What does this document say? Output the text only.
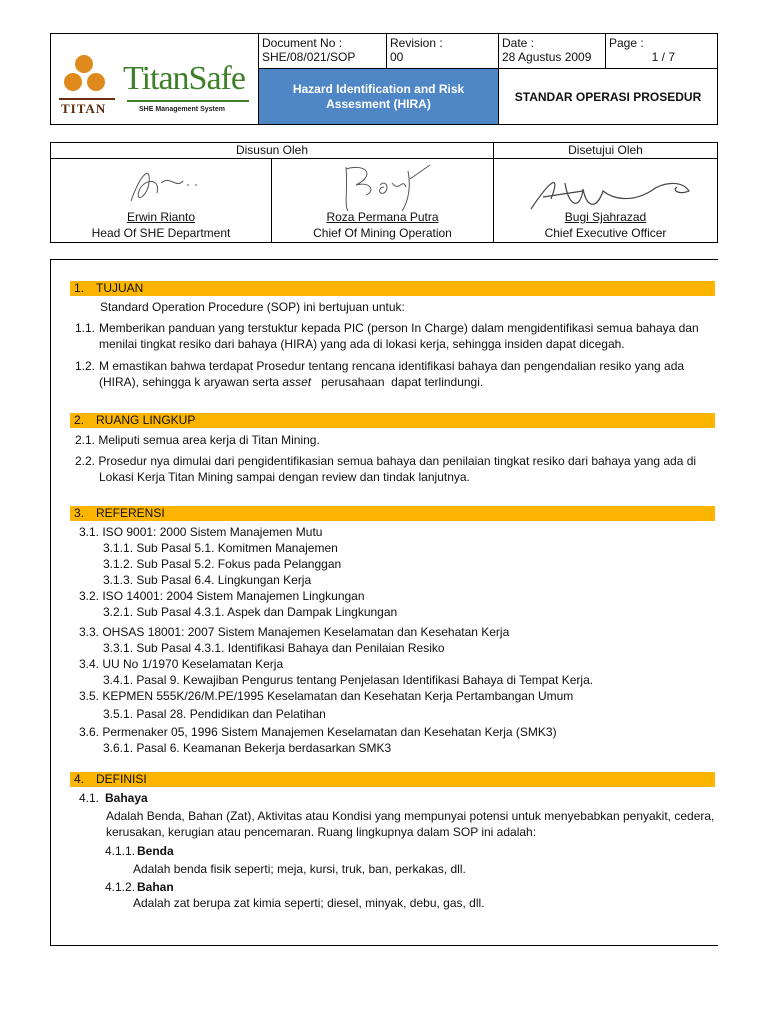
TITAN
TitanSafe
SHE Management System
Document No :
SHE/08/021/SOP
Revision :
00
Date :
28 Agustus 2009
Page :
1 / 7
Hazard Identification and Risk
Assesment (HIRA)	STANDAR OPERASI PROSEDUR
Disusun Oleh	Disetujui Oleh
Erwin Rianto
Head Of SHE Department
Roza Permana Putra
Chief Of Mining Operation
Bugi Sjahrazad
Chief Executive Officer
1. TUJUAN
Standard Operation Procedure (SOP) ini bertujuan untuk:
1.1. Memberikan panduan yang terstuktur kepada PIC (person In Charge) dalam mengidentifikasi semua bahaya dan
menilai tingkat resiko dari bahaya (HIRA) yang ada di lokasi kerja, sehingga insiden dapat dicegah.
1.2. M emastikan bahwa terdapat Prosedur tentang rencana identifikasi bahaya dan pengendalian resiko yang ada
(HIRA), sehingga k aryawan serta asset   perusahaan  dapat terlindungi.
2. RUANG LINGKUP
2.1. Meliputi semua area kerja di Titan Mining.
2.2. Prosedur nya dimulai dari pengidentifikasian semua bahaya dan penilaian tingkat resiko dari bahaya yang ada di
Lokasi Kerja Titan Mining sampai dengan review dan tindak lanjutnya.
3. REFERENSI
3.1. ISO 9001: 2000 Sistem Manajemen Mutu
3.1.1. Sub Pasal 5.1. Komitmen Manajemen
3.1.2. Sub Pasal 5.2. Fokus pada Pelanggan
3.1.3. Sub Pasal 6.4. Lingkungan Kerja
3.2. ISO 14001: 2004 Sistem Manajemen Lingkungan
3.2.1. Sub Pasal 4.3.1. Aspek dan Dampak Lingkungan
3.3. OHSAS 18001: 2007 Sistem Manajemen Keselamatan dan Kesehatan Kerja
3.3.1. Sub Pasal 4.3.1. Identifikasi Bahaya dan Penilaian Resiko
3.4. UU No 1/1970 Keselamatan Kerja
3.4.1. Pasal 9. Kewajiban Pengurus tentang Penjelasan Identifikasi Bahaya di Tempat Kerja.
3.5. KEPMEN 555K/26/M.PE/1995 Keselamatan dan Kesehatan Kerja Pertambangan Umum
3.5.1. Pasal 28. Pendidikan dan Pelatihan
3.6. Permenaker 05, 1996 Sistem Manajemen Keselamatan dan Kesehatan Kerja (SMK3)
3.6.1. Pasal 6. Keamanan Bekerja berdasarkan SMK3
4. DEFINISI
4.1. Bahaya
Adalah Benda, Bahan (Zat), Aktivitas atau Kondisi yang mempunyai potensi untuk menyebabkan penyakit, cedera,
kerusakan, kerugian atau pencemaran. Ruang lingkupnya dalam SOP ini adalah:
4.1.1. Benda
Adalah benda fisik seperti; meja, kursi, truk, ban, perkakas, dll.
4.1.2. Bahan
Adalah zat berupa zat kimia seperti; diesel, minyak, debu, gas, dll.
